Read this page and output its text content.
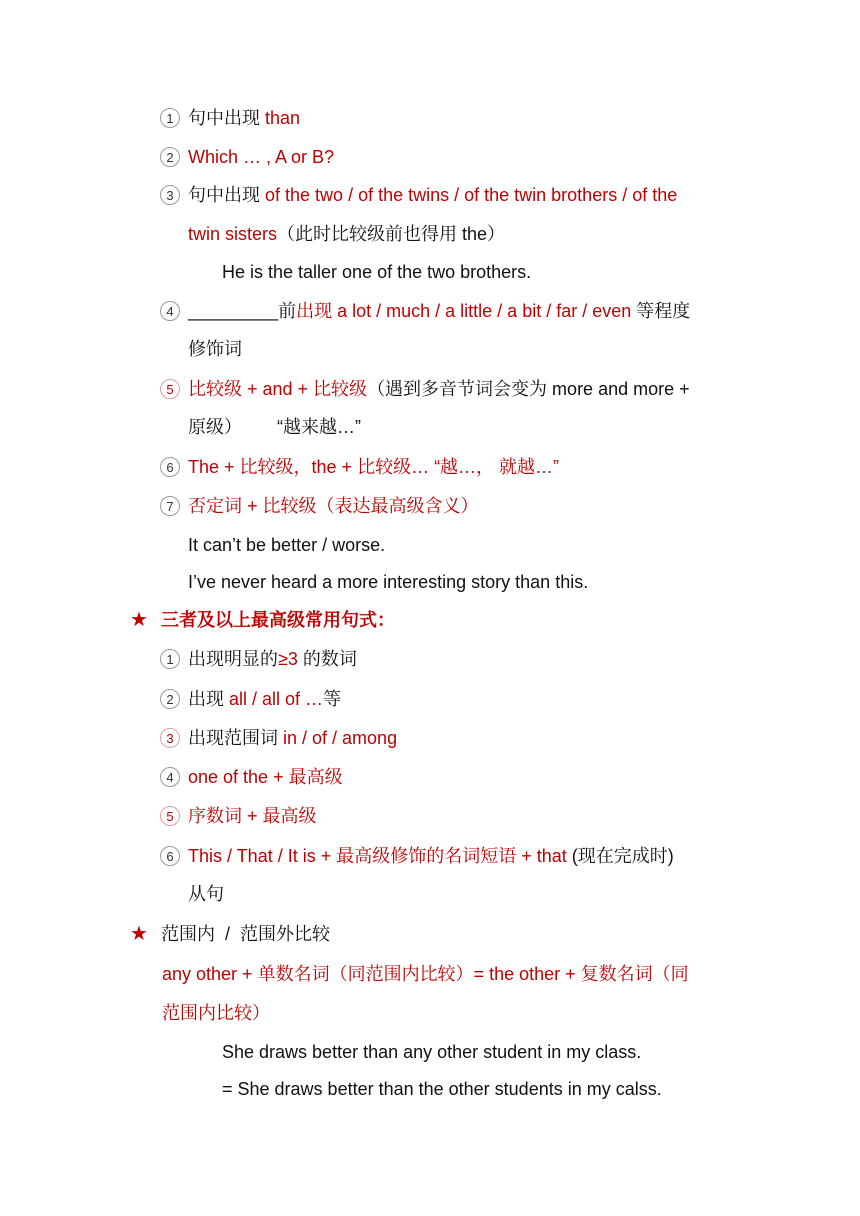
1 句中出现 than
2 Which … , A or B?
3 句中出现 of the two / of the twins / of the twin brothers / of the
twin sisters（此时比较级前也得用 the）
He is the taller one of the two brothers.
4 _________前出现 a lot / much / a little / a bit / far / even 等程度
修饰词
5 比较级 + and + 比较级（遇到多音节词会变为 more and more +
原级）       “越来越…”
6 The + 比较级，the + 比较级… “越…， 就越…”
7 否定词 + 比较级（表达最高级含义）
It can’t be better / worse.
I’ve never heard a more interesting story than this.
★ 三者及以上最高级常用句式：
1 出现明显的≥3 的数词
2 出现 all / all of …等
3 出现范围词 in / of / among
4 one of the + 最高级
5 序数词 + 最高级
6 This / That / It is + 最高级修饰的名词短语 + that (现在完成时)
从句
★ 范围内  /  范围外比较
any other + 单数名词（同范围内比较）= the other + 复数名词（同
范围内比较）
She draws better than any other student in my class.
= She draws better than the other students in my calss.
